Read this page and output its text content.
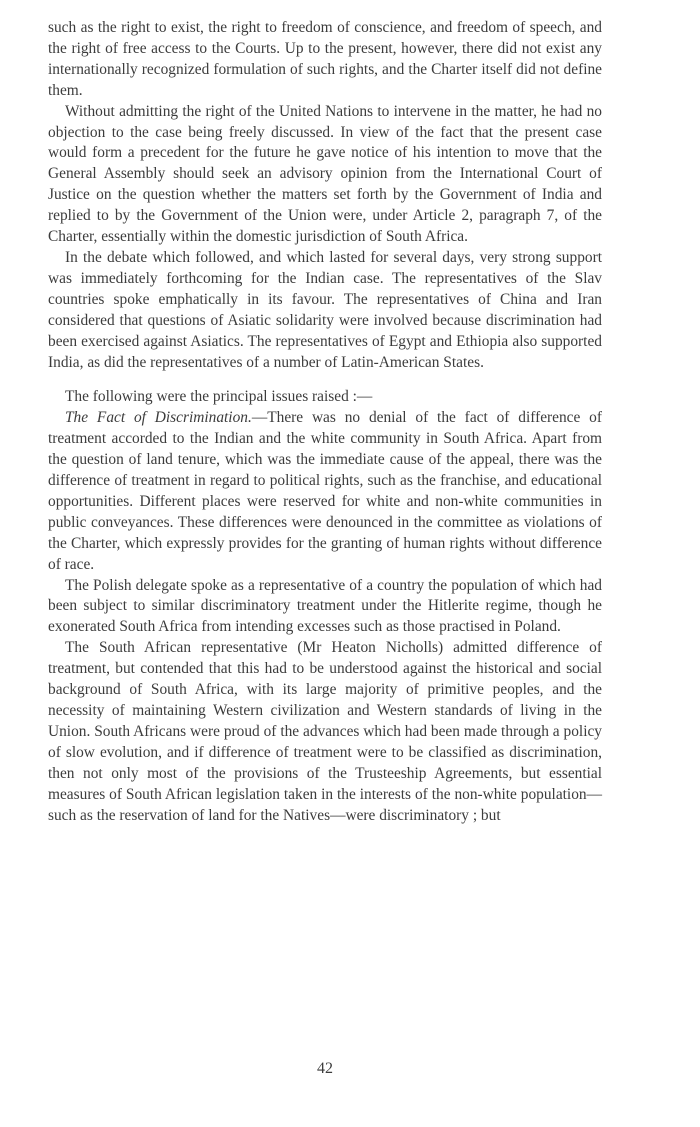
such as the right to exist, the right to freedom of conscience, and freedom of speech, and the right of free access to the Courts. Up to the present, however, there did not exist any internationally recognized formulation of such rights, and the Charter itself did not define them.

Without admitting the right of the United Nations to intervene in the matter, he had no objection to the case being freely discussed. In view of the fact that the present case would form a precedent for the future he gave notice of his intention to move that the General Assembly should seek an advisory opinion from the International Court of Justice on the question whether the matters set forth by the Government of India and replied to by the Government of the Union were, under Article 2, paragraph 7, of the Charter, essentially within the domestic jurisdiction of South Africa.

In the debate which followed, and which lasted for several days, very strong support was immediately forthcoming for the Indian case. The representatives of the Slav countries spoke emphatically in its favour. The representatives of China and Iran considered that questions of Asiatic solidarity were involved because discrimination had been exercised against Asiatics. The representatives of Egypt and Ethiopia also supported India, as did the representatives of a number of Latin-American States.

The following were the principal issues raised :—

The Fact of Discrimination.—There was no denial of the fact of difference of treatment accorded to the Indian and the white community in South Africa. Apart from the question of land tenure, which was the immediate cause of the appeal, there was the difference of treatment in regard to political rights, such as the franchise, and educational opportunities. Different places were reserved for white and non-white communities in public conveyances. These differences were denounced in the committee as violations of the Charter, which expressly provides for the granting of human rights without difference of race.

The Polish delegate spoke as a representative of a country the population of which had been subject to similar discriminatory treatment under the Hitlerite regime, though he exonerated South Africa from intending excesses such as those practised in Poland.

The South African representative (Mr Heaton Nicholls) admitted difference of treatment, but contended that this had to be understood against the historical and social background of South Africa, with its large majority of primitive peoples, and the necessity of maintaining Western civilization and Western standards of living in the Union. South Africans were proud of the advances which had been made through a policy of slow evolution, and if difference of treatment were to be classified as discrimination, then not only most of the provisions of the Trusteeship Agreements, but essential measures of South African legislation taken in the interests of the non-white population—such as the reservation of land for the Natives—were discriminatory ; but

42
